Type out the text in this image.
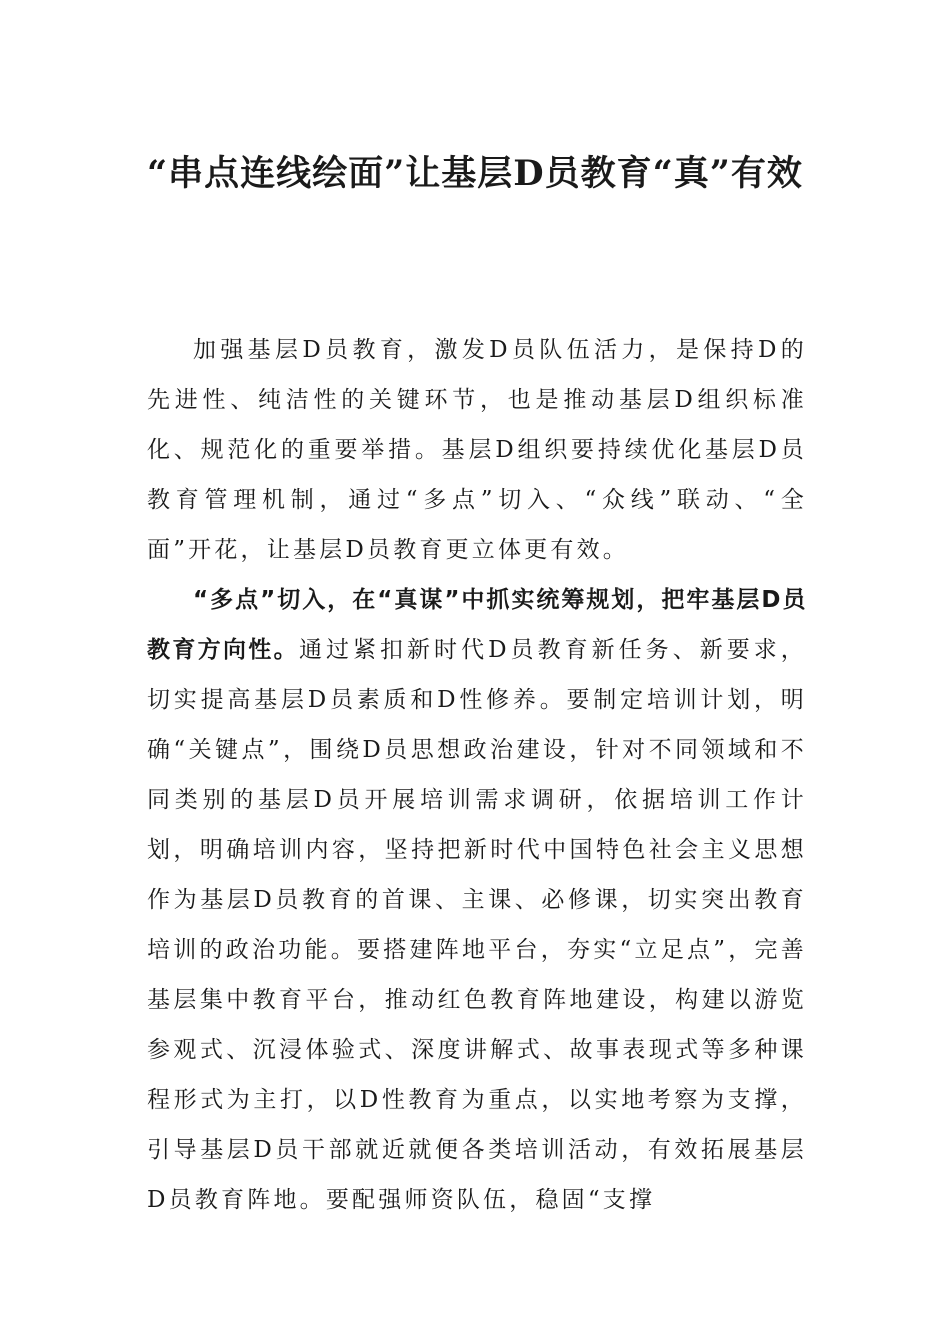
“串点连线绘面”让基层D员教育“真”有效

加强基层D员教育，激发D员队伍活力，是保持D的先进性、纯洁性的关键环节，也是推动基层D组织标准化、规范化的重要举措。基层D组织要持续优化基层D员教育管理机制，通过“多点”切入、“众线”联动、“全面”开花，让基层D员教育更立体更有效。

“多点”切入，在“真谋”中抓实统筹规划，把牢基层D员教育方向性。通过紧扣新时代D员教育新任务、新要求，切实提高基层D员素质和D性修养。要制定培训计划，明确“关键点”，围绕D员思想政治建设，针对不同领域和不同类别的基层D员开展培训需求调研，依据培训工作计划，明确培训内容，坚持把新时代中国特色社会主义思想作为基层D员教育的首课、主课、必修课，切实突出教育培训的政治功能。要搭建阵地平台，夯实“立足点”，完善基层集中教育平台，推动红色教育阵地建设，构建以游览参观式、沉浸体验式、深度讲解式、故事表现式等多种课程形式为主打，以D性教育为重点，以实地考察为支撑，引导基层D员干部就近就便各类培训活动，有效拓展基层D员教育阵地。要配强师资队伍，稳固“支撑
